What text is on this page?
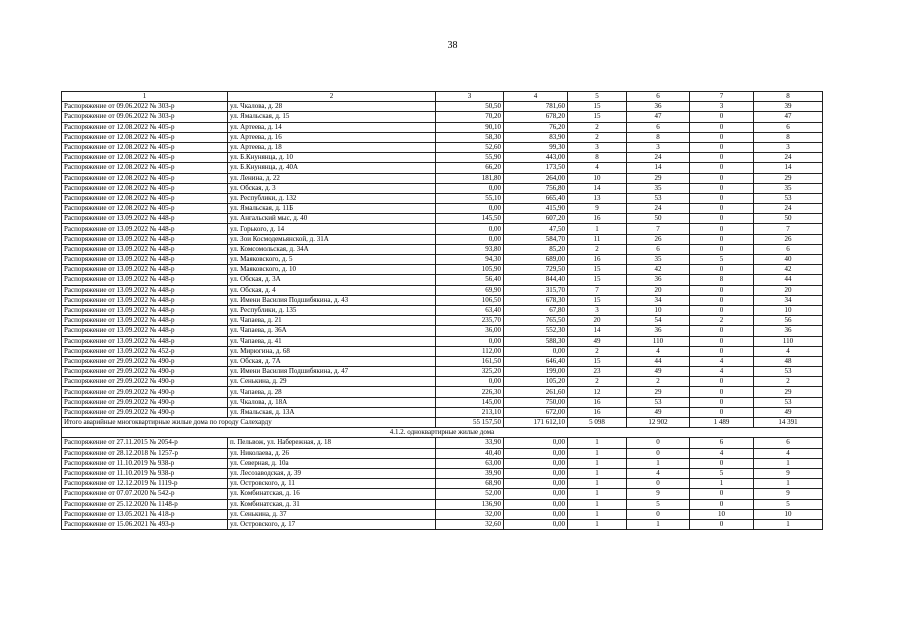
38
1	2	3	4	5	6	7	8
Распоряжение от 09.06.2022 № 303-р	ул. Чкалова, д. 28	50,50	781,60	15	36	3	39
Распоряжение от 09.06.2022 № 303-р	ул. Ямальская, д. 15	70,20	678,20	15	47	0	47
Распоряжение от 12.08.2022 № 405-р	ул. Артеева, д. 14	90,10	76,20	2	6	0	6
Распоряжение от 12.08.2022 № 405-р	ул. Артеева, д. 16	58,30	83,90	2	8	0	8
Распоряжение от 12.08.2022 № 405-р	ул. Артеева, д. 18	52,60	99,30	3	3	0	3
Распоряжение от 12.08.2022 № 405-р	ул. Б.Кнунянца, д. 10	55,90	443,00	8	24	0	24
Распоряжение от 12.08.2022 № 405-р	ул. Б.Кнунянца, д. 40А	66,20	173,50	4	14	0	14
Распоряжение от 12.08.2022 № 405-р	ул. Ленина, д. 22	181,80	264,00	10	29	0	29
Распоряжение от 12.08.2022 № 405-р	ул. Обская, д. 3	0,00	756,80	14	35	0	35
Распоряжение от 12.08.2022 № 405-р	ул. Республики, д. 132	55,10	665,40	13	53	0	53
Распоряжение от 12.08.2022 № 405-р	ул. Ямальская, д. 11Б	0,00	415,90	9	24	0	24
Распоряжение от 13.09.2022 № 448-р	ул. Ангальский мыс, д. 40	145,50	607,20	16	50	0	50
Распоряжение от 13.09.2022 № 448-р	ул. Горького, д. 14	0,00	47,50	1	7	0	7
Распоряжение от 13.09.2022 № 448-р	ул. Зои Космодемьянской, д. 31А	0,00	584,70	11	26	0	26
Распоряжение от 13.09.2022 № 448-р	ул. Комсомольская, д. 34А	93,80	85,20	2	6	0	6
Распоряжение от 13.09.2022 № 448-р	ул. Маяковского, д. 5	94,30	689,00	16	35	5	40
Распоряжение от 13.09.2022 № 448-р	ул. Маяковского, д. 10	105,90	729,50	15	42	0	42
Распоряжение от 13.09.2022 № 448-р	ул. Обская, д. 3А	56,40	844,40	15	36	8	44
Распоряжение от 13.09.2022 № 448-р	ул. Обская, д. 4	69,90	315,70	7	20	0	20
Распоряжение от 13.09.2022 № 448-р	ул. Имени Василия Подшибякина, д. 43	106,50	678,30	15	34	0	34
Распоряжение от 13.09.2022 № 448-р	ул. Республики, д. 135	63,40	67,80	3	10	0	10
Распоряжение от 13.09.2022 № 448-р	ул. Чапаева, д. 21	235,70	765,50	20	54	2	56
Распоряжение от 13.09.2022 № 448-р	ул. Чапаева, д. 36А	36,00	552,30	14	36	0	36
Распоряжение от 13.09.2022 № 448-р	ул. Чапаева, д. 41	0,00	588,30	49	110	0	110
Распоряжение от 13.09.2022 № 452-р	ул. Мирюгина, д. 68	112,00	0,00	2	4	0	4
Распоряжение от 29.09.2022 № 490-р	ул. Обская, д. 7А	161,50	646,40	15	44	4	48
Распоряжение от 29.09.2022 № 490-р	ул. Имени Василия Подшибякина, д. 47	325,20	199,00	23	49	4	53
Распоряжение от 29.09.2022 № 490-р	ул. Сенькина, д. 29	0,00	105,20	2	2	0	2
Распоряжение от 29.09.2022 № 490-р	ул. Чапаева, д. 28	226,30	261,60	12	29	0	29
Распоряжение от 29.09.2022 № 490-р	ул. Чкалова, д. 18А	145,00	750,00	16	53	0	53
Распоряжение от 29.09.2022 № 490-р	ул. Ямальская, д. 13А	213,10	672,00	16	49	0	49
Итого аварийные многоквартирные жилые дома по городу Салехарду		55 157,50	171 612,10	5 098	12 902	1 489	14 391
4.1.2. одноквартирные жилые дома							
Распоряжение от 27.11.2015 № 2054-р	п. Пельвож, ул. Набережная, д. 18	33,90	0,00	1	0	6	6
Распоряжение от 28.12.2018 № 1257-р	ул. Николаева, д. 26	40,40	0,00	1	0	4	4
Распоряжение от 11.10.2019 № 938-р	ул. Северная, д. 10а	63,00	0,00	1	1	0	1
Распоряжение от 11.10.2019 № 938-р	ул. Лесозаводская, д. 39	39,90	0,00	1	4	5	9
Распоряжение от 12.12.2019 № 1119-р	ул. Островского, д. 11	68,90	0,00	1	0	1	1
Распоряжение от 07.07.2020 № 542-р	ул. Комбинатская, д. 16	52,00	0,00	1	9	0	9
Распоряжение от 25.12.2020 № 1148-р	ул. Комбинатская, д. 31	136,90	0,00	1	5	0	5
Распоряжение от 13.05.2021 № 418-р	ул. Сенькина, д. 37	32,00	0,00	1	0	10	10
Распоряжение от 15.06.2021 № 493-р	ул. Островского, д. 17	32,60	0,00	1	1	0	1
